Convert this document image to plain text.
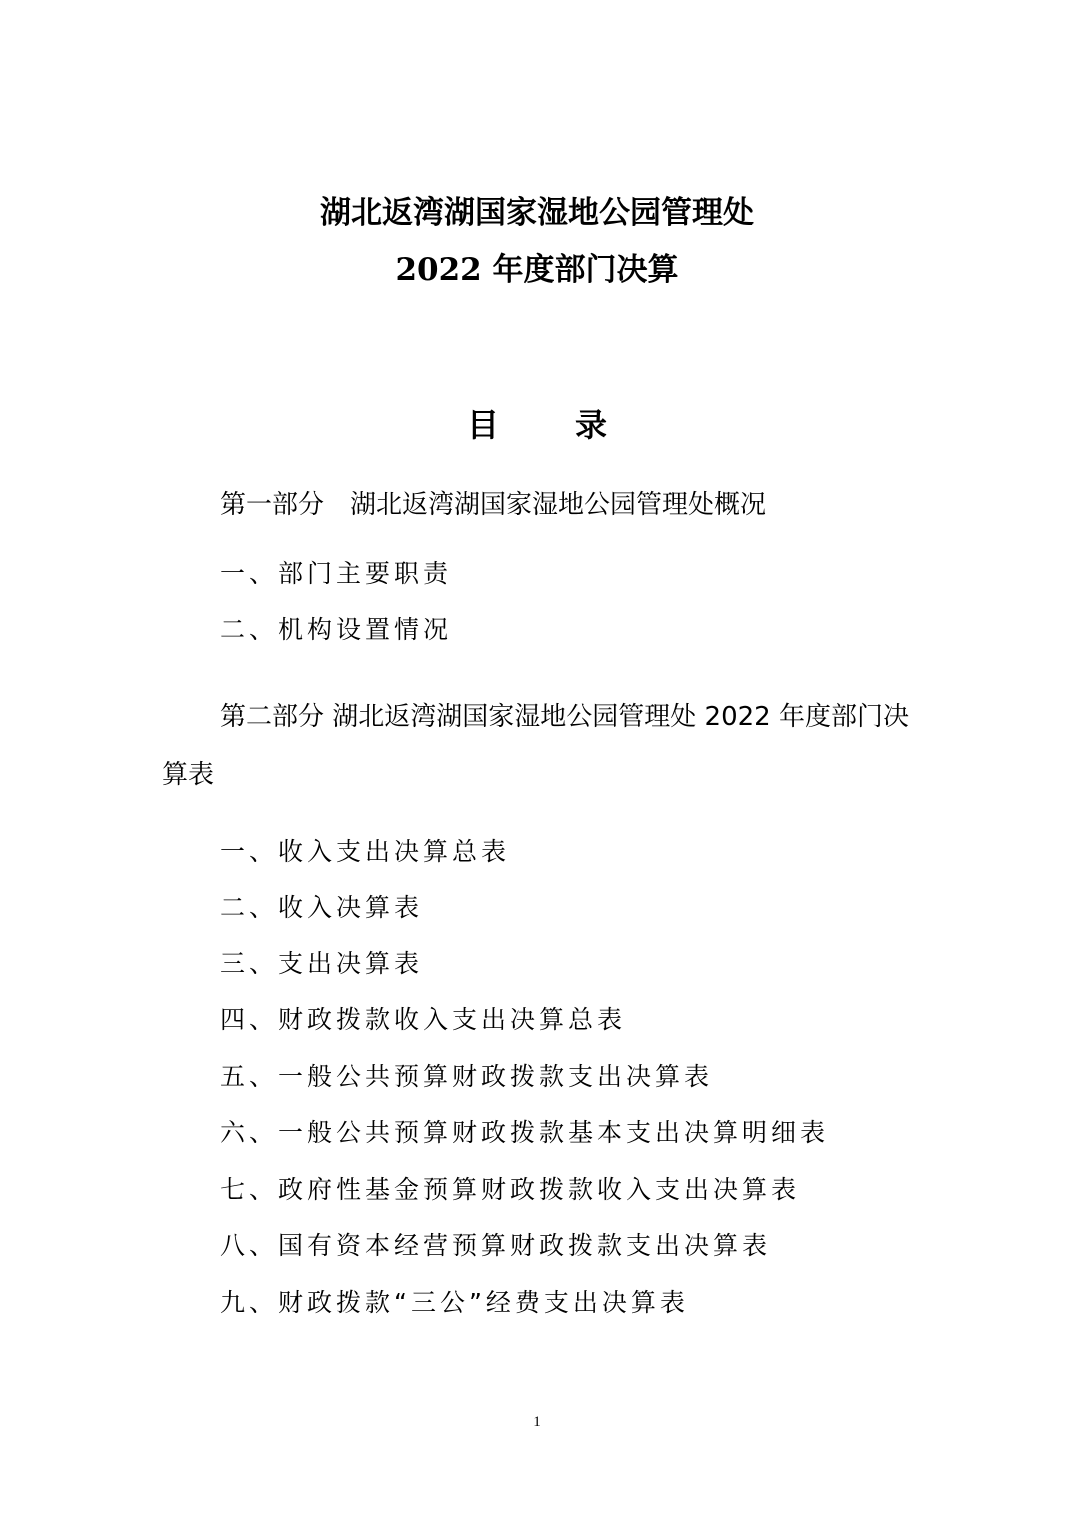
湖北返湾湖国家湿地公园管理处
2022 年度部门决算
目 录
第一部分　湖北返湾湖国家湿地公园管理处概况
一、部门主要职责
二、机构设置情况
第二部分 湖北返湾湖国家湿地公园管理处 2022 年度部门决算表
一、收入支出决算总表
二、收入决算表
三、支出决算表
四、财政拨款收入支出决算总表
五、一般公共预算财政拨款支出决算表
六、一般公共预算财政拨款基本支出决算明细表
七、政府性基金预算财政拨款收入支出决算表
八、国有资本经营预算财政拨款支出决算表
九、财政拨款“三公”经费支出决算表
1
